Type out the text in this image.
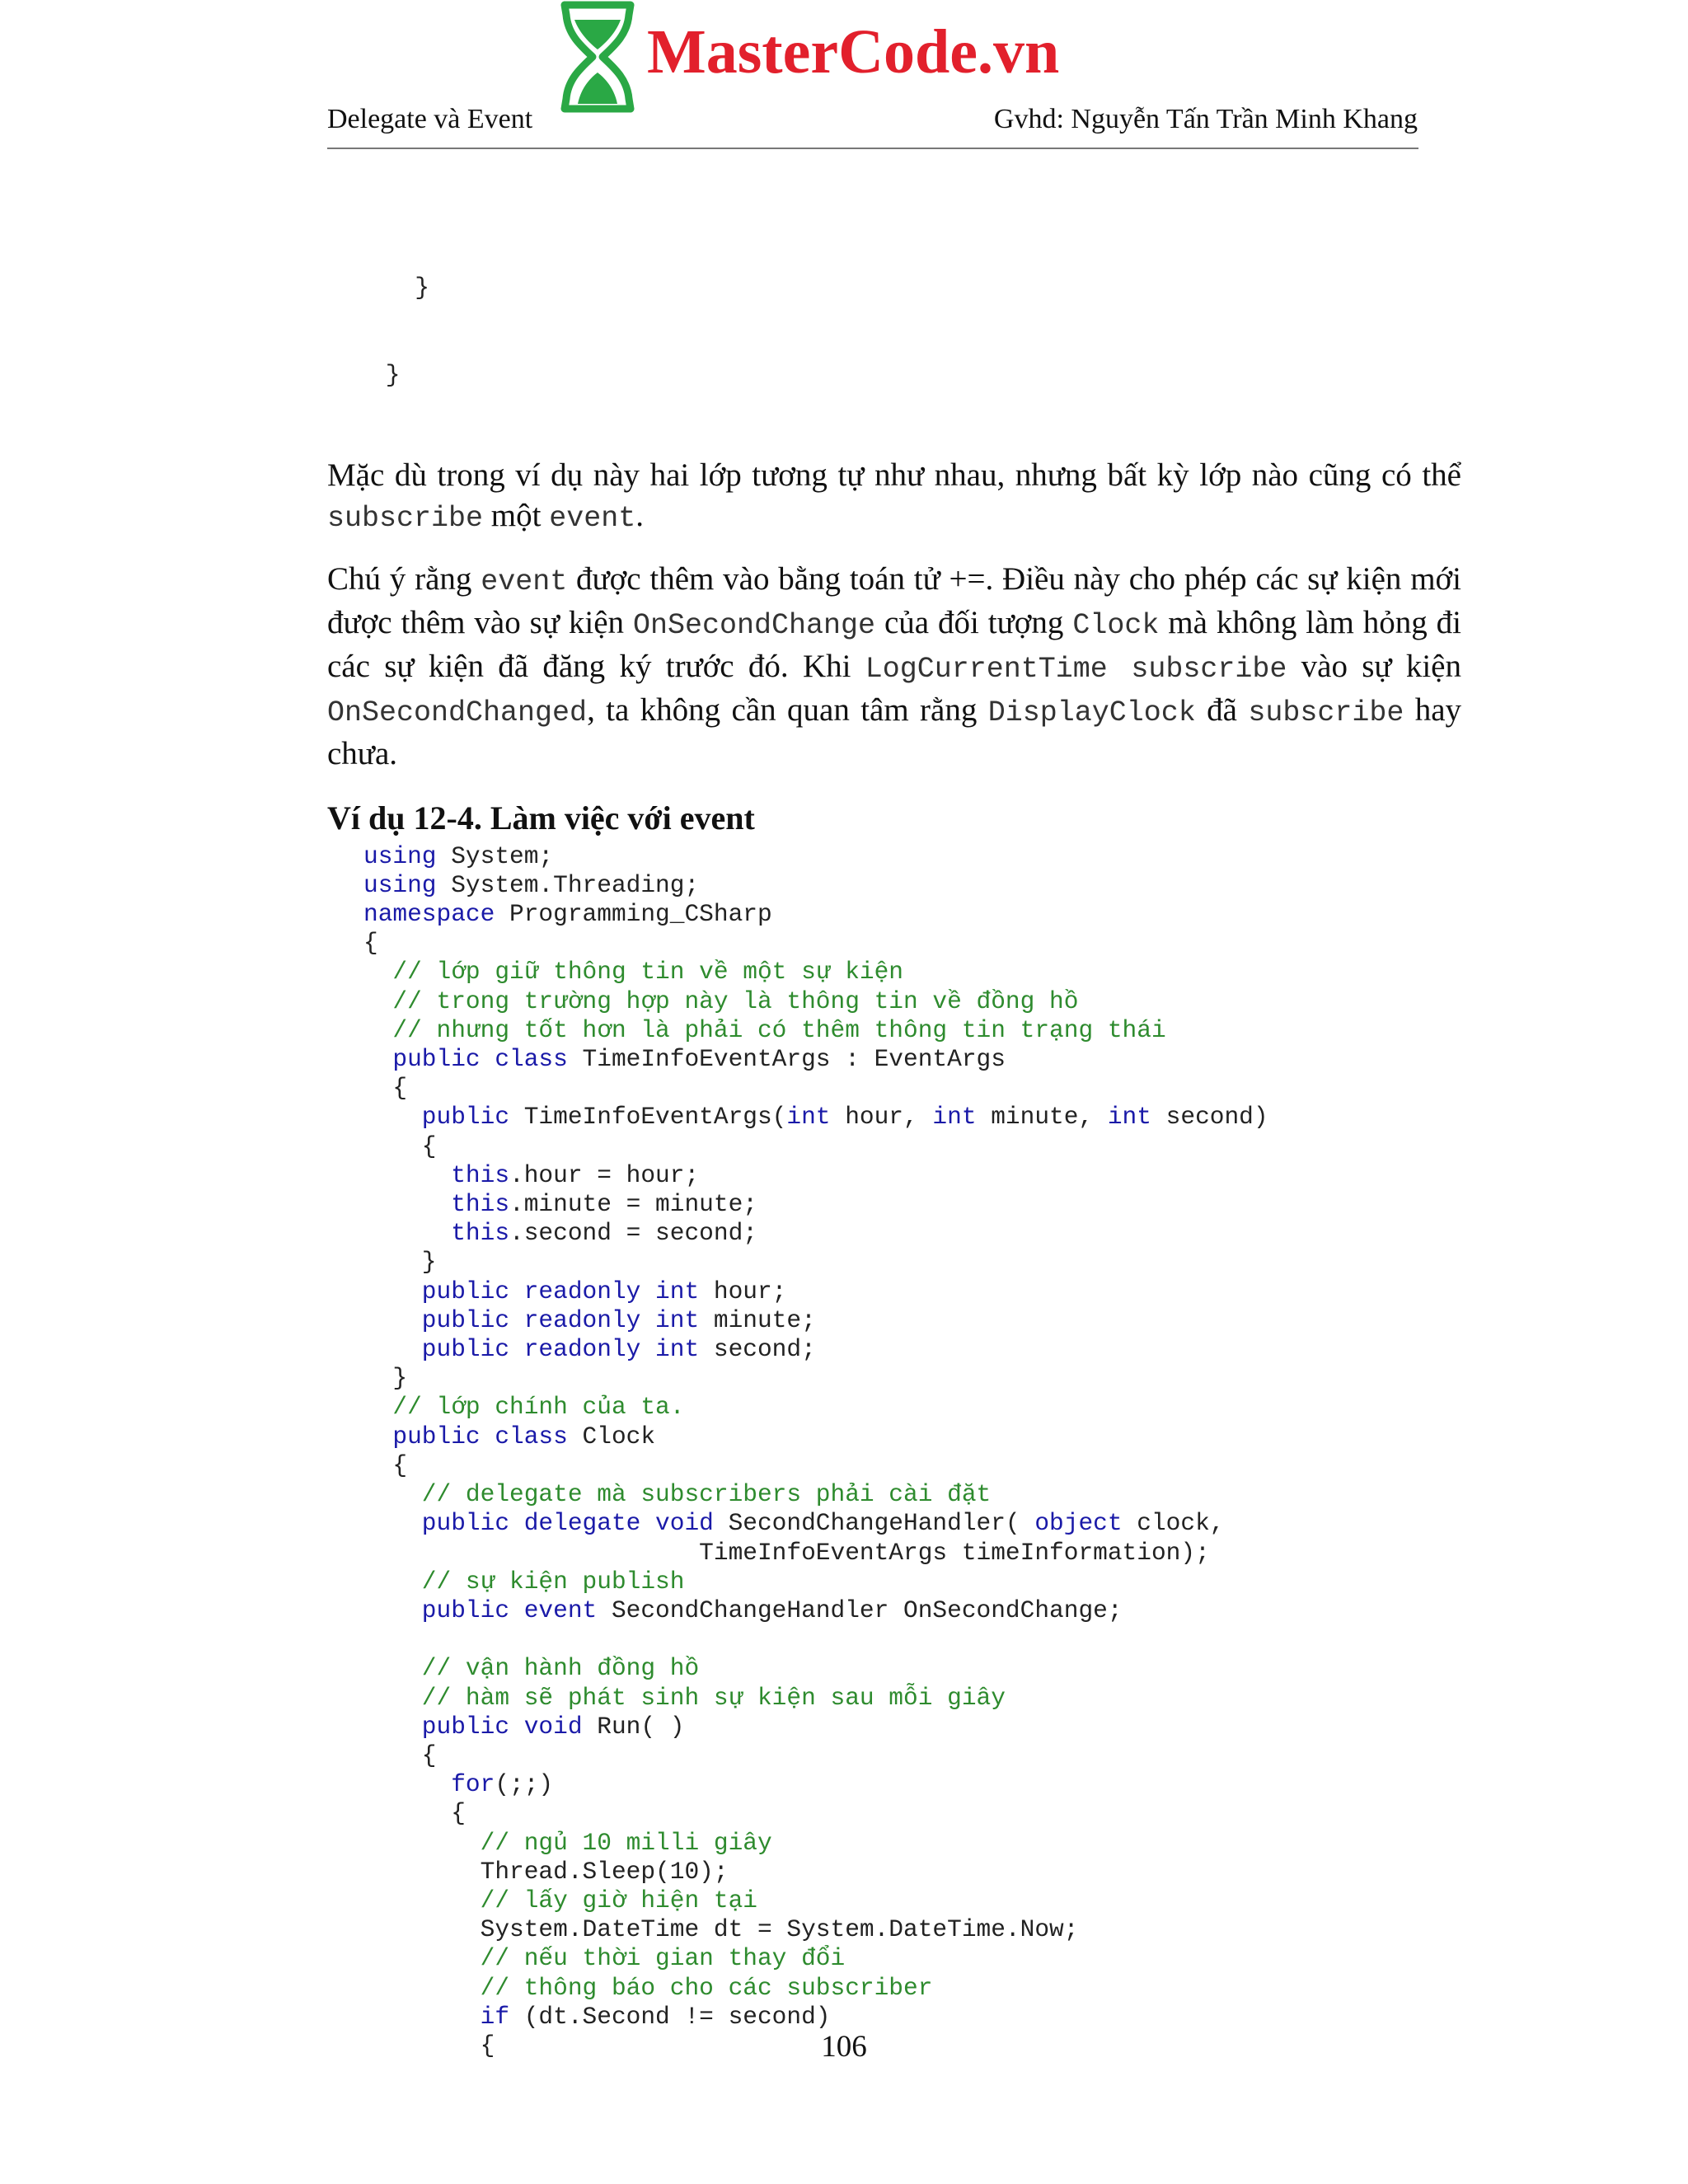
MasterCode.vn
Delegate và Event	Gvhd: Nguyễn Tấn Trần Minh Khang

}

}

Mặc dù trong ví dụ này hai lớp tương tự như nhau, nhưng bất kỳ lớp nào cũng có thể subscribe một event.

Chú ý rằng event được thêm vào bằng toán tử +=. Điều này cho phép các sự kiện mới được thêm vào sự kiện OnSecondChange của đối tượng Clock mà không làm hỏng đi các sự kiện đã đăng ký trước đó. Khi LogCurrentTime subscribe vào sự kiện OnSecondChanged, ta không cần quan tâm rằng DisplayClock đã subscribe hay chưa.

Ví dụ 12-4. Làm việc với event
using System;
using System.Threading;
namespace Programming_CSharp
{
// lớp giữ thông tin về một sự kiện
// trong trường hợp này là thông tin về đồng hồ
// nhưng tốt hơn là phải có thêm thông tin trạng thái
public class TimeInfoEventArgs : EventArgs
{
public TimeInfoEventArgs(int hour, int minute, int second)
{
this.hour = hour;
this.minute = minute;
this.second = second;
}
public readonly int hour;
public readonly int minute;
public readonly int second;
}
// lớp chính của ta.
public class Clock
{
// delegate mà subscribers phải cài đặt
public delegate void SecondChangeHandler( object clock,
TimeInfoEventArgs timeInformation);
// sự kiện publish
public event SecondChangeHandler OnSecondChange;

// vận hành đồng hồ
// hàm sẽ phát sinh sự kiện sau mỗi giây
public void Run( )
{
for(;;)
{
// ngủ 10 milli giây
Thread.Sleep(10);
// lấy giờ hiện tại
System.DateTime dt = System.DateTime.Now;
// nếu thời gian thay đổi
// thông báo cho các subscriber
if (dt.Second != second)
{	106
